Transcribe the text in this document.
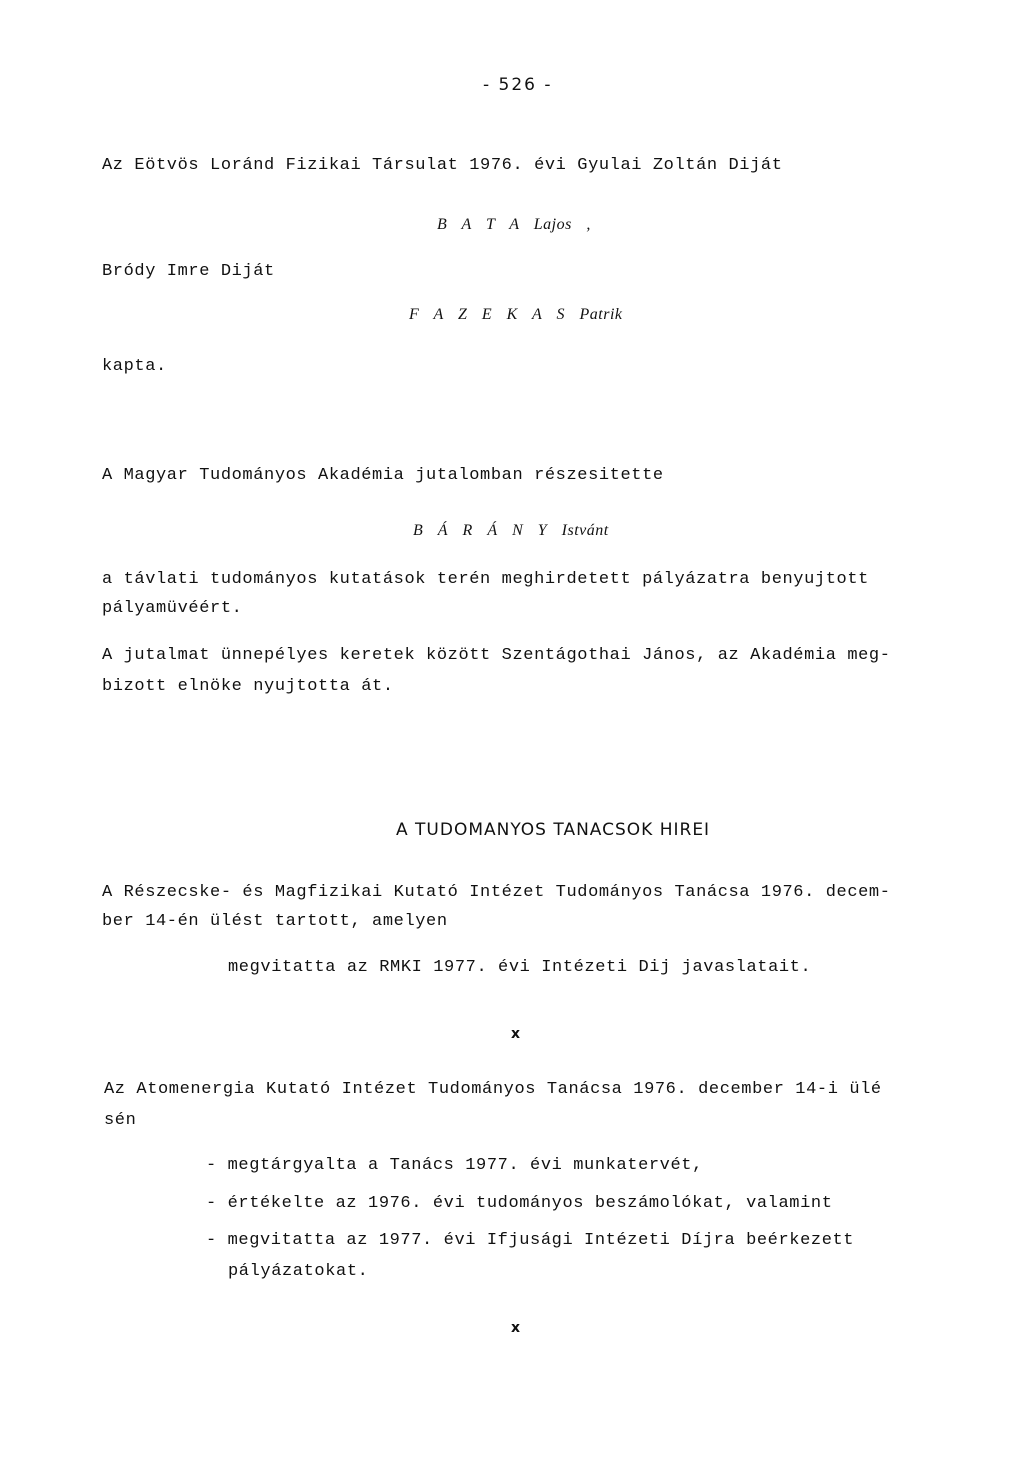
- 526 -
Az Eötvös Loránd Fizikai Társulat 1976. évi Gyulai Zoltán Diját
B A T A Lajos ,
Bródy Imre Diját
F A Z E K A S Patrik
kapta.
A Magyar Tudományos Akadémia jutalomban részesitette
B Á R Á N Y Istvánt
a távlati tudományos kutatások terén meghirdetett pályázatra benyujtott
pályamüvéért.
A jutalmat ünnepélyes keretek között Szentágothai János, az Akadémia meg-
bizott elnöke nyujtotta át.
A TUDOMANYOS TANACSOK HIREI
A Részecske- és Magfizikai Kutató Intézet Tudományos Tanácsa 1976. decem-
ber 14-én ülést tartott, amelyen
megvitatta az RMKI 1977. évi Intézeti Dij javaslatait.
x
Az Atomenergia Kutató Intézet Tudományos Tanácsa 1976. december 14-i ülé
sén
- megtárgyalta a Tanács 1977. évi munkatervét,
- értékelte az 1976. évi tudományos beszámolókat, valamint
- megvitatta az 1977. évi Ifjusági Intézeti Díjra beérkezett
pályázatokat.
x
